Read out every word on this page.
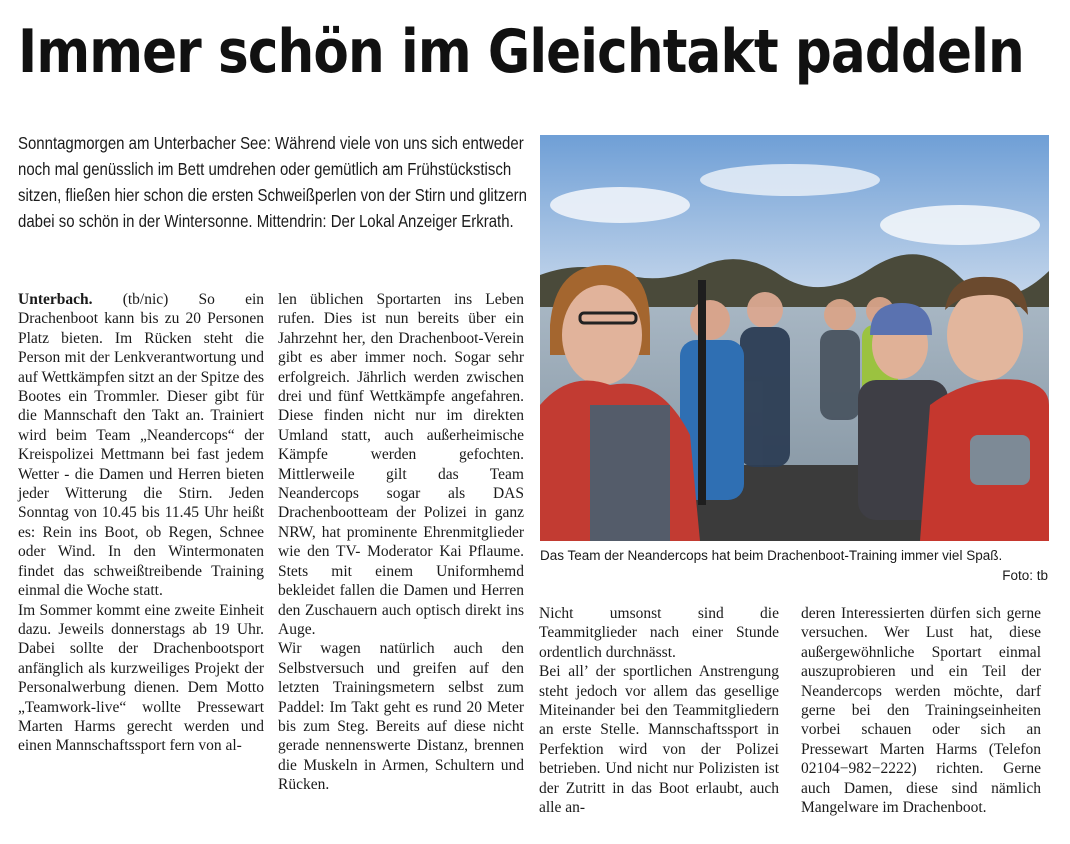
Immer schön im Gleichtakt paddeln
Sonntagmorgen am Unterbacher See: Während viele von uns sich entweder noch mal genüsslich im Bett umdrehen oder gemütlich am Frühstückstisch sitzen, fließen hier schon die ersten Schweißperlen von der Stirn und glitzern dabei so schön in der Wintersonne. Mittendrin: Der Lokal Anzeiger Erkrath.

Unterbach. (tb/nic) So ein Drachenboot kann bis zu 20 Personen Platz bieten. Im Rücken steht die Person mit der Lenkverantwortung und auf Wettkämpfen sitzt an der Spitze des Bootes ein Trommler. Dieser gibt für die Mannschaft den Takt an. Trainiert wird beim Team „Neandercops“ der Kreispolizei Mettmann bei fast jedem Wetter - die Damen und Herren bieten jeder Witterung die Stirn. Jeden Sonntag von 10.45 bis 11.45 Uhr heißt es: Rein ins Boot, ob Regen, Schnee oder Wind. In den Wintermonaten findet das schweißtreibende Training einmal die Woche statt.

Im Sommer kommt eine zweite Einheit dazu. Jeweils donnerstags ab 19 Uhr. Dabei sollte der Drachenbootsport anfänglich als kurzweiliges Projekt der Personalwerbung dienen. Dem Motto „Teamwork-live“ wollte Pressewart Marten Harms gerecht werden und einen Mannschaftssport fern von al-

len üblichen Sportarten ins Leben rufen. Dies ist nun bereits über ein Jahrzehnt her, den Drachenboot-Verein gibt es aber immer noch. Sogar sehr erfolgreich. Jährlich werden zwischen drei und fünf Wettkämpfe angefahren. Diese finden nicht nur im direkten Umland statt, auch außerheimische Kämpfe werden gefochten. Mittlerweile gilt das Team Neandercops sogar als DAS Drachenbootteam der Polizei in ganz NRW, hat prominente Ehrenmitglieder wie den TV- Moderator Kai Pflaume. Stets mit einem Uniformhemd bekleidet fallen die Damen und Herren den Zuschauern auch optisch direkt ins Auge.

Wir wagen natürlich auch den Selbstversuch und greifen auf den letzten Trainingsmetern selbst zum Paddel: Im Takt geht es rund 20 Meter bis zum Steg. Bereits auf diese nicht gerade nennenswerte Distanz, brennen die Muskeln in Armen, Schultern und Rücken.

Das Team der Neandercops hat beim Drachenboot-Training immer viel Spaß.
Foto: tb

Nicht umsonst sind die Teammitglieder nach einer Stunde ordentlich durchnässt.

Bei all’ der sportlichen Anstrengung steht jedoch vor allem das gesellige Miteinander bei den Teammitgliedern an erste Stelle. Mannschaftssport in Perfektion wird von der Polizei betrieben. Und nicht nur Polizisten ist der Zutritt in das Boot erlaubt, auch alle an-

deren Interessierten dürfen sich gerne versuchen. Wer Lust hat, diese außergewöhnliche Sportart einmal auszuprobieren und ein Teil der Neandercops werden möchte, darf gerne bei den Trainingseinheiten vorbei schauen oder sich an Pressewart Marten Harms (Telefon 02104−982−2222) richten. Gerne auch Damen, diese sind nämlich Mangelware im Drachenboot.
